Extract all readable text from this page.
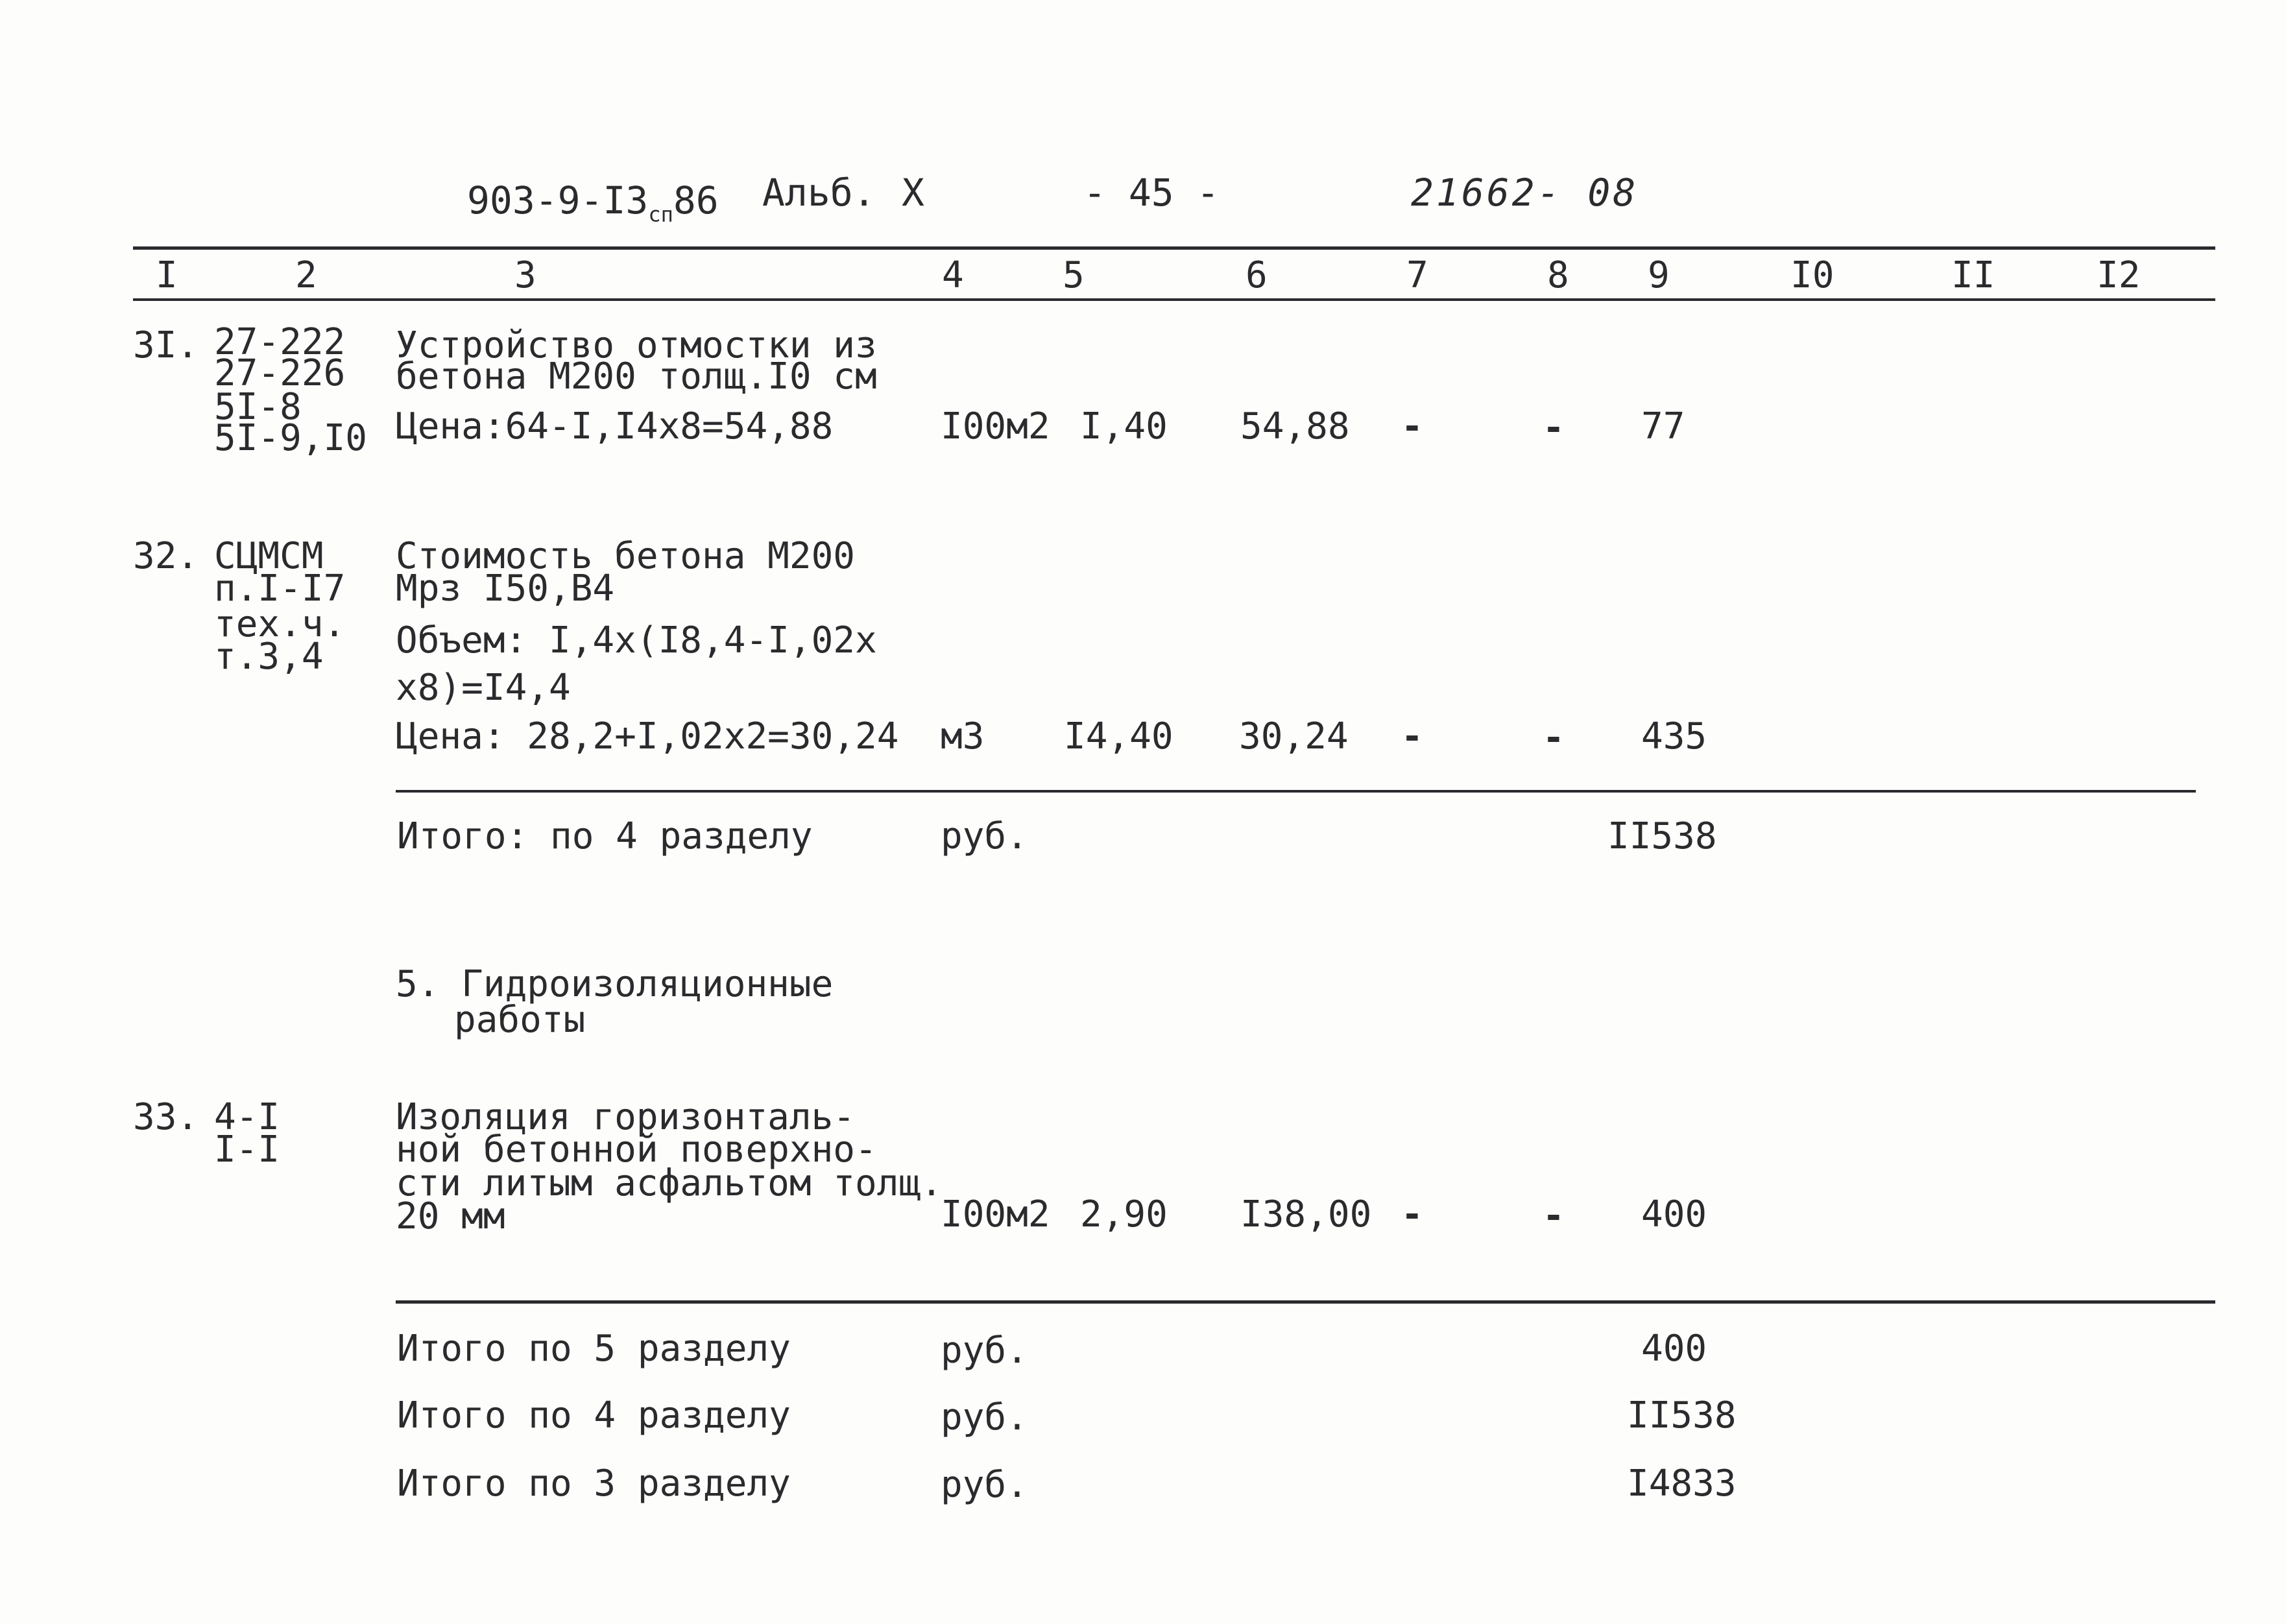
$903-9-I3_{сп}86$ Альб. X	- 45 -	21662- 08
I	2	3	4	5	6	7	8 9	I0	II	I2
3I. 27-222
27-226
5I-8
5I-9,I0
Устройство отмостки из
бетона М200 толщ.I0 см
Цена:64-I,I4x8=54,88	I00м2 I,40 54,88 -	- 77
32. СЦМСМ
п.I-I7
тех.ч.
т.3,4
Стоимость бетона М200
Мрз I50,В4
Объем: I,4x(I8,4-I,02x
x8)=I4,4
Цена: 28,2+I,02x2=30,24 м3 I4,40 30,24 -	- 435
Итого: по 4 разделу	руб.	II538
5. Гидроизоляционные
работы
33. 4-I
I-I
Изоляция горизонталь-
ной бетонной поверхно-
сти литым асфальтом толщ.
20 мм	I00м2 2,90 I38,00 -	- 400
Итого по 5 разделу	руб.	400
Итого по 4 разделу	руб.	II538
Итого по 3 разделу	руб.	I4833
